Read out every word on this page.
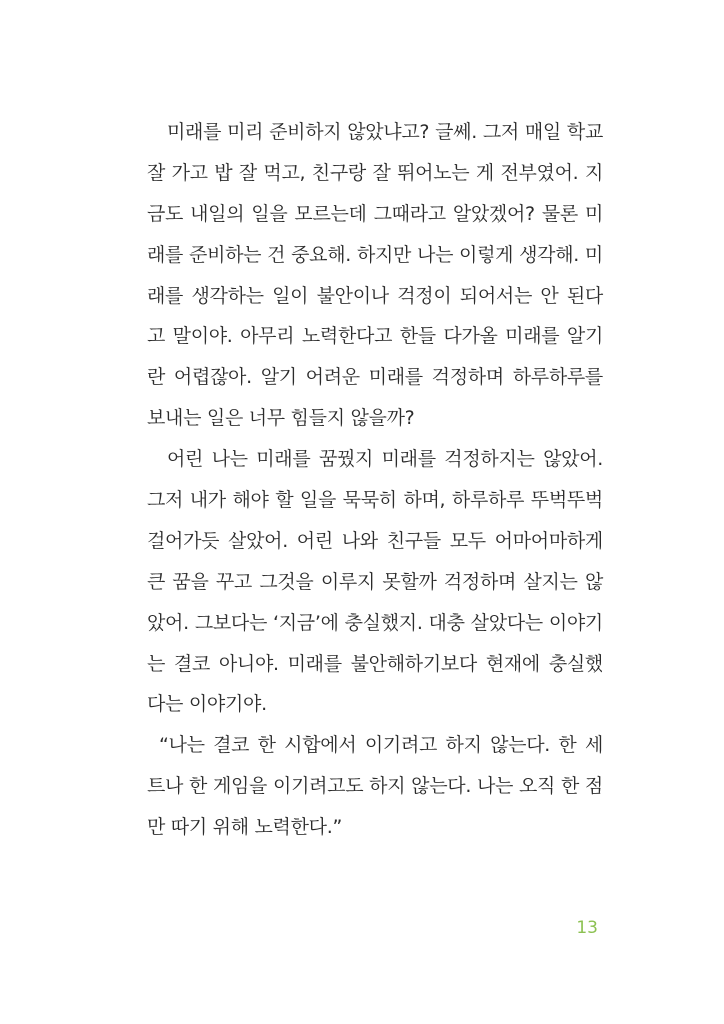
미래를 미리 준비하지 않았냐고? 글쎄. 그저 매일 학교
잘 가고 밥 잘 먹고, 친구랑 잘 뛰어노는 게 전부였어. 지
금도 내일의 일을 모르는데 그때라고 알았겠어? 물론 미
래를 준비하는 건 중요해. 하지만 나는 이렇게 생각해. 미
래를 생각하는 일이 불안이나 걱정이 되어서는 안 된다
고 말이야. 아무리 노력한다고 한들 다가올 미래를 알기
란 어렵잖아. 알기 어려운 미래를 걱정하며 하루하루를
보내는 일은 너무 힘들지 않을까?
어린 나는 미래를 꿈꿨지 미래를 걱정하지는 않았어.
그저 내가 해야 할 일을 묵묵히 하며, 하루하루 뚜벅뚜벅
걸어가듯 살았어. 어린 나와 친구들 모두 어마어마하게
큰 꿈을 꾸고 그것을 이루지 못할까 걱정하며 살지는 않
았어. 그보다는 ‘지금’에 충실했지. 대충 살았다는 이야기
는 결코 아니야. 미래를 불안해하기보다 현재에 충실했
다는 이야기야.
“나는 결코 한 시합에서 이기려고 하지 않는다. 한 세
트나 한 게임을 이기려고도 하지 않는다. 나는 오직 한 점
만 따기 위해 노력한다.”
13
